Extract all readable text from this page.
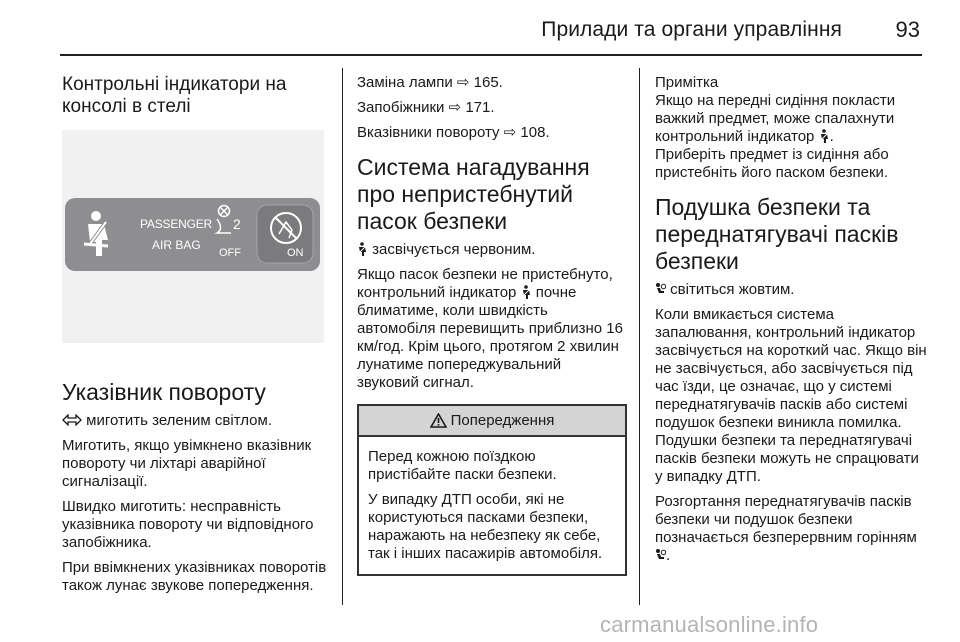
Прилади та органи управління 93
Контрольні індикатори на консолі в стелі
PASSENGER
AIR BAG
2
OFF	ON
Указівник повороту

миготить зеленим світлом.

Миготить, якщо увімкнено вказівник повороту чи ліхтарі аварійної сигналізації.

Швидко миготить: несправність указівника повороту чи відповідного запобіжника.

При ввімкнених указівниках поворотів також лунає звукове попередження.

Заміна лампи ⇨ 165.

Запобіжники ⇨ 171.

Вказівники повороту ⇨ 108.

Система нагадування про непристебнутий пасок безпеки

засвічується червоним.

Якщо пасок безпеки не пристебнуто, контрольний індикатор почне блиматиме, коли швидкість автомобіля перевищить приблизно 16 км/год. Крім цього, протягом 2 хвилин лунатиме попереджувальний звуковий сигнал.

Попередження

Перед кожною поїздкою пристібайте паски безпеки.

У випадку ДТП особи, які не користуються пасками безпеки, наражають на небезпеку як себе, так і інших пасажирів автомобіля.

Примітка

Якщо на передні сидіння покласти важкий предмет, може спалахнути контрольний індикатор .

Приберіть предмет із сидіння або пристебніть його паском безпеки.

Подушка безпеки та переднатягувачі пасків безпеки

світиться жовтим.

Коли вмикається система запалювання, контрольний індикатор засвічується на короткий час. Якщо він не засвічується, або засвічується під час їзди, це означає, що у системі переднатягувачів пасків або системі подушок безпеки виникла помилка. Подушки безпеки та переднатягувачі пасків безпеки можуть не спрацювати у випадку ДТП.

Розгортання переднатягувачів пасків безпеки чи подушок безпеки позначається безперервним горінням .

carmanualsonline.info
